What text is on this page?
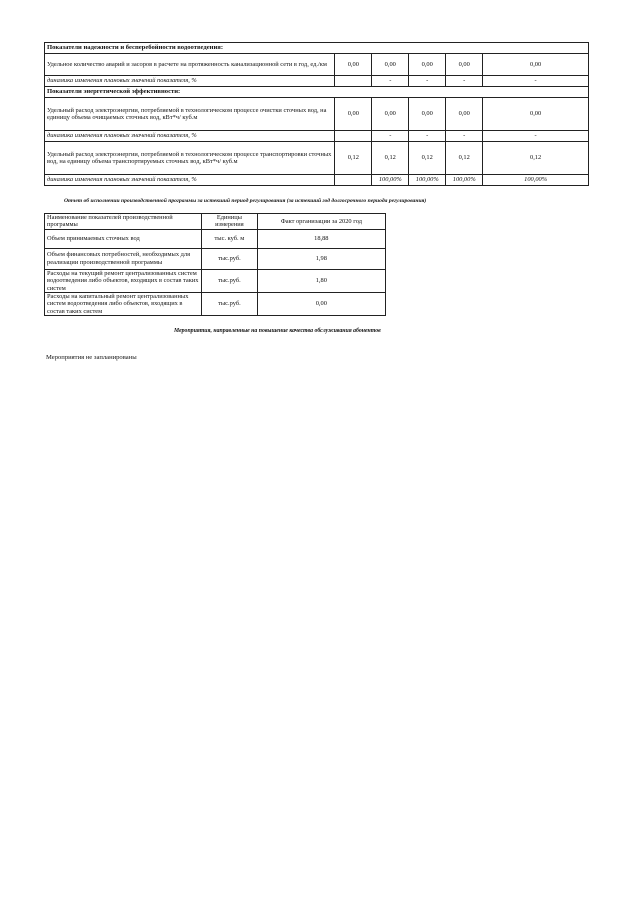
Показатели надежности и бесперебойности водоотведения:					
Удельное количество аварий и засоров в расчете на протяженность канализационной сети в год, ед./км	0,00	0,00	0,00	0,00	0,00
динамика изменения плановых значений показателя, %		-	-	-	-
Показатели энергетической эффективности:					
Удельный расход электроэнергии, потребляемой в технологическом процессе очистки сточных вод, на единицу объема очищаемых сточных вод, кВт*ч/ куб.м	0,00	0,00	0,00	0,00	0,00
динамика изменения плановых значений показателя, %		-	-	-	-
Удельный расход электроэнергии, потребляемой в технологическом процессе транспортировки сточных вод, на единицу объема транспортируемых сточных вод, кВт*ч/ куб.м	0,12	0,12	0,12	0,12	0,12
динамика изменения плановых значений показателя, %		100,00%	100,00%	100,00%	100,00%
Отчет об исполнении производственной программы за истекший период регулирования (за истекший год долгосрочного периода регулирования)
Наименование показателей производственной программы	Единицы измерения	Факт организации за 2020 год
Объем принимаемых сточных вод	тыс. куб. м	18,88
Объем финансовых потребностей, необходимых для реализации производственной программы	тыс.руб.	1,98
Расходы на текущий ремонт централизованных систем водоотведения либо объектов, входящих в состав таких систем	тыс.руб.	1,80
Расходы на капитальный ремонт централизованных систем водоотведения либо объектов, входящих в состав таких систем	тыс.руб.	0,00
Мероприятия, направленные на повышение качества обслуживания абонентов
Мероприятия не запланированы
